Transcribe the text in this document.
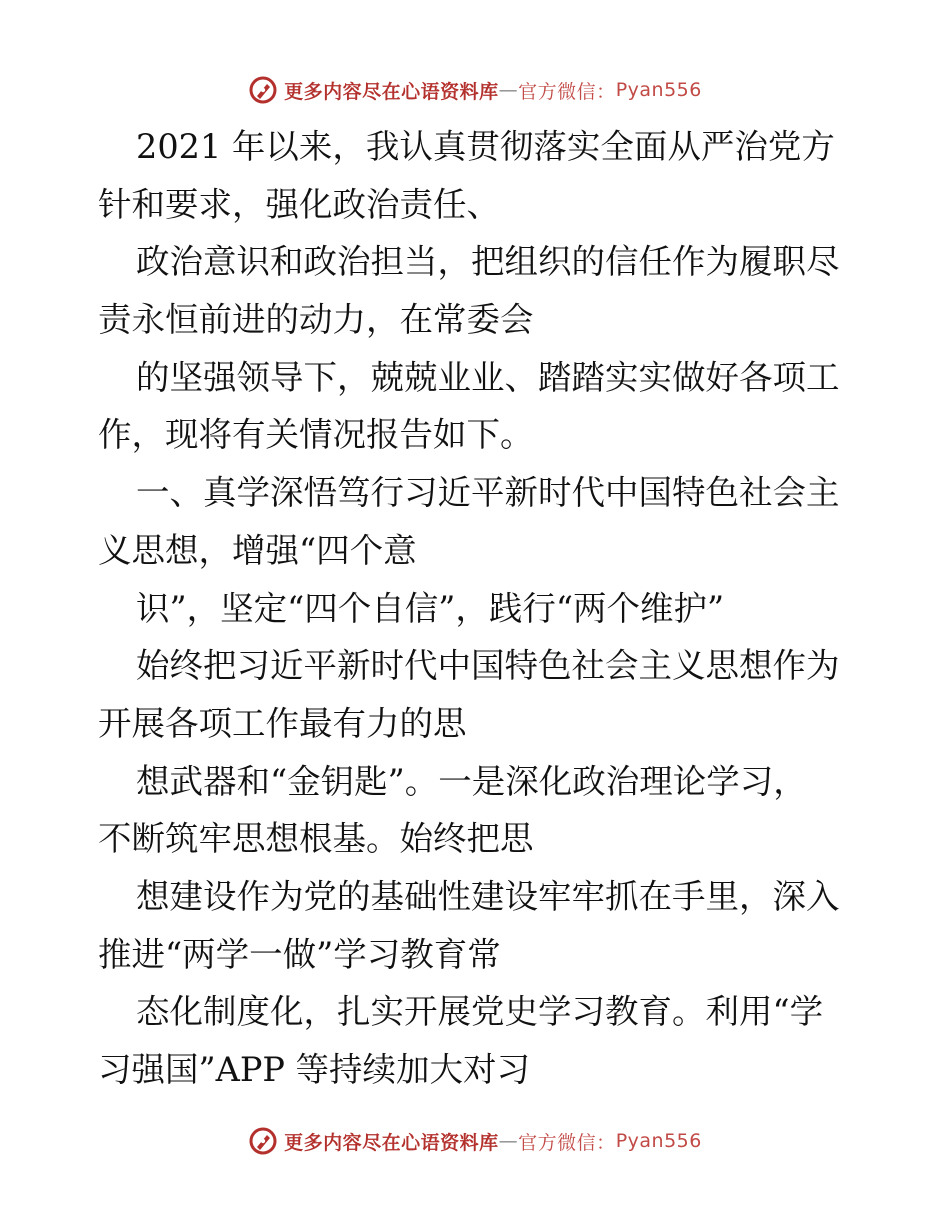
更多内容尽在心语资料库 — 官方微信： Pyan556
2021 年以来，我认真贯彻落实全面从严治党方
针和要求，强化政治责任、
政治意识和政治担当，把组织的信任作为履职尽
责永恒前进的动力，在常委会
的坚强领导下，兢兢业业、踏踏实实做好各项工
作，现将有关情况报告如下。
一、真学深悟笃行习近平新时代中国特色社会主
义思想，增强“四个意
识”，坚定“四个自信”，践行“两个维护”
始终把习近平新时代中国特色社会主义思想作为
开展各项工作最有力的思
想武器和“金钥匙”。一是深化政治理论学习，
不断筑牢思想根基。始终把思
想建设作为党的基础性建设牢牢抓在手里，深入
推进“两学一做”学习教育常
态化制度化，扎实开展党史学习教育。利用“学
习强国”APP 等持续加大对习
更多内容尽在心语资料库 — 官方微信： Pyan556
